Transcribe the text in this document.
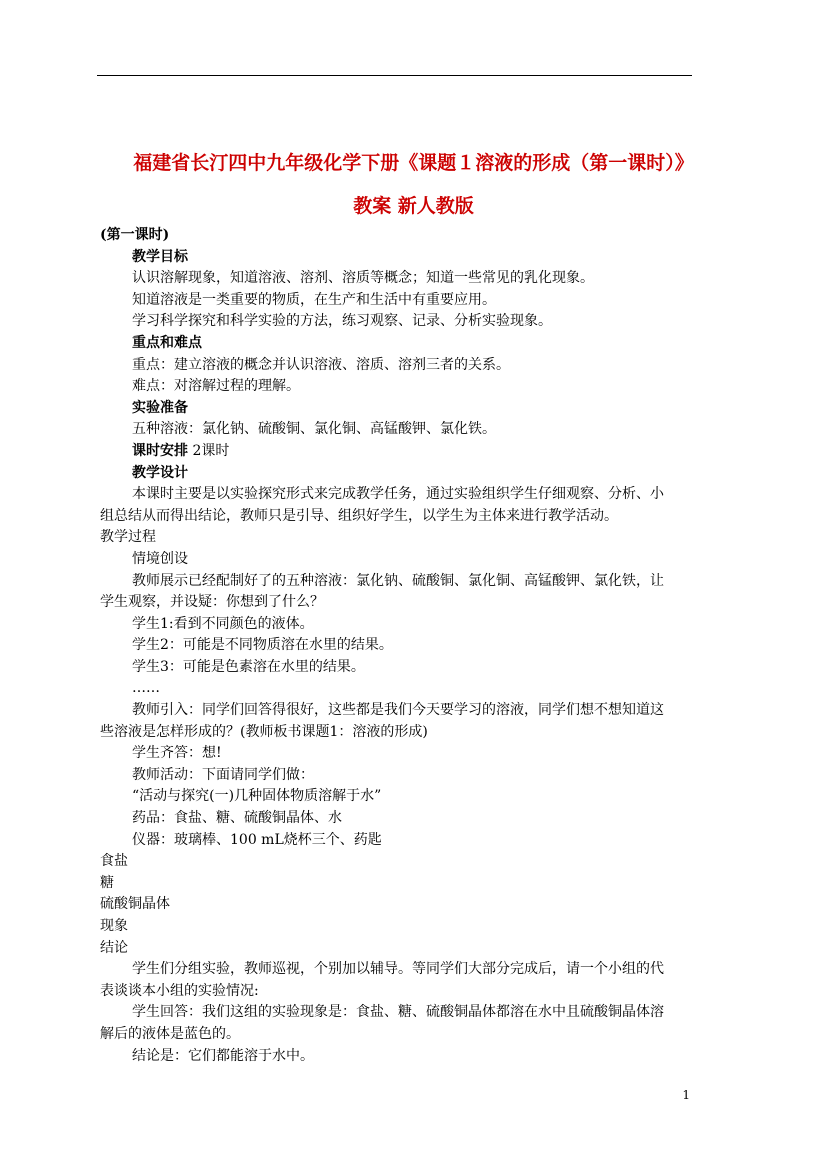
福建省长汀四中九年级化学下册《课题１溶液的形成（第一课时）》
教案 新人教版
(第一课时)
教学目标
认识溶解现象，知道溶液、溶剂、溶质等概念；知道一些常见的乳化现象。
知道溶液是一类重要的物质，在生产和生活中有重要应用。
学习科学探究和科学实验的方法，练习观察、记录、分析实验现象。
重点和难点
重点：建立溶液的概念并认识溶液、溶质、溶剂三者的关系。
难点：对溶解过程的理解。
实验准备
五种溶液：氯化钠、硫酸铜、氯化铜、高锰酸钾、氯化铁。
课时安排 2课时
教学设计
本课时主要是以实验探究形式来完成教学任务，通过实验组织学生仔细观察、分析、小
组总结从而得出结论，教师只是引导、组织好学生，以学生为主体来进行教学活动。
教学过程
情境创设
教师展示已经配制好了的五种溶液：氯化钠、硫酸铜、氯化铜、高锰酸钾、氯化铁，让
学生观察，并设疑：你想到了什么？
学生1:看到不同颜色的液体。
学生2：可能是不同物质溶在水里的结果。
学生3：可能是色素溶在水里的结果。
……
教师引入：同学们回答得很好，这些都是我们今天要学习的溶液，同学们想不想知道这
些溶液是怎样形成的？(教师板书课题1：溶液的形成)
学生齐答：想!
教师活动：下面请同学们做：
“活动与探究(一)几种固体物质溶解于水”
药品：食盐、糖、硫酸铜晶体、水
仪器：玻璃棒、100 mL烧杯三个、药匙
食盐
糖
硫酸铜晶体
现象
结论
学生们分组实验，教师巡视，个别加以辅导。等同学们大部分完成后，请一个小组的代
表谈谈本小组的实验情况:
学生回答：我们这组的实验现象是：食盐、糖、硫酸铜晶体都溶在水中且硫酸铜晶体溶
解后的液体是蓝色的。
结论是：它们都能溶于水中。
1
